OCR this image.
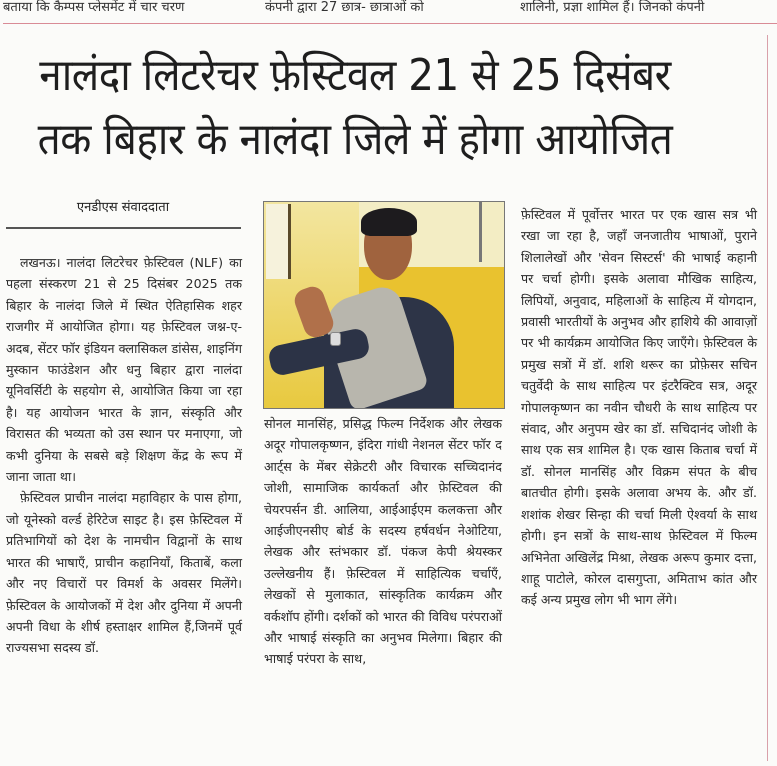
बताया कि कैम्पस प्लेसमेंट में चार चरण	कंपनी द्वारा 27 छात्र- छात्राओं को	शालिनी, प्रज्ञा शामिल हैं। जिनको कंपनी
नालंदा लिटरेचर फ़ेस्टिवल 21 से 25 दिसंबर
तक बिहार के नालंदा जिले में होगा आयोजित
एनडीएस संवाददाता

लखनऊ। नालंदा लिटरेचर फ़ेस्टिवल (NLF) का पहला संस्करण 21 से 25 दिसंबर 2025 तक बिहार के नालंदा जिले में स्थित ऐतिहासिक शहर राजगीर में आयोजित होगा। यह फ़ेस्टिवल जश्न-ए-अदब, सेंटर फॉर इंडियन क्लासिकल डांसेस, शाइनिंग मुस्कान फाउंडेशन और धनु बिहार द्वारा नालंदा यूनिवर्सिटी के सहयोग से, आयोजित किया जा रहा है। यह आयोजन भारत के ज्ञान, संस्कृति और विरासत की भव्यता को उस स्थान पर मनाएगा, जो कभी दुनिया के सबसे बड़े शिक्षण केंद्र के रूप में जाना जाता था।

फ़ेस्टिवल प्राचीन नालंदा महाविहार के पास होगा, जो यूनेस्को वर्ल्ड हेरिटेज साइट है। इस फ़ेस्टिवल में प्रतिभागियों को देश के नामचीन विद्वानों के साथ भारत की भाषाएँ, प्राचीन कहानियाँ, किताबें, कला और नए विचारों पर विमर्श के अवसर मिलेंगे। फ़ेस्टिवल के आयोजकों में देश और दुनिया में अपनी अपनी विधा के शीर्ष हस्ताक्षर शामिल हैं,जिनमें पूर्व राज्यसभा सदस्य डॉ.

सोनल मानसिंह, प्रसिद्ध फिल्म निर्देशक और लेखक अदूर गोपालकृष्णन, इंदिरा गांधी नेशनल सेंटर फॉर द आर्ट्स के मेंबर सेक्रेटरी और विचारक सच्चिदानंद जोशी, सामाजिक कार्यकर्ता और फ़ेस्टिवल की चेयरपर्सन डी. आलिया, आईआईएम कलकत्ता और आईजीएनसीए बोर्ड के सदस्य हर्षवर्धन नेओटिया, लेखक और स्तंभकार डॉ. पंकज केपी श्रेयस्कर उल्लेखनीय हैं। फ़ेस्टिवल में साहित्यिक चर्चाएँ, लेखकों से मुलाकात, सांस्कृतिक कार्यक्रम और वर्कशॉप होंगी। दर्शकों को भारत की विविध परंपराओं और भाषाई संस्कृति का अनुभव मिलेगा। बिहार की भाषाई परंपरा के साथ,

फ़ेस्टिवल में पूर्वोत्तर भारत पर एक खास सत्र भी रखा जा रहा है, जहाँ जनजातीय भाषाओं, पुराने शिलालेखों और 'सेवन सिस्टर्स' की भाषाई कहानी पर चर्चा होगी। इसके अलावा मौखिक साहित्य, लिपियों, अनुवाद, महिलाओं के साहित्य में योगदान, प्रवासी भारतीयों के अनुभव और हाशिये की आवाज़ों पर भी कार्यक्रम आयोजित किए जाएँगे। फ़ेस्टिवल के प्रमुख सत्रों में डॉ. शशि थरूर का प्रोफ़ेसर सचिन चतुर्वेदी के साथ साहित्य पर इंटरैक्टिव सत्र, अदूर गोपालकृष्णन का नवीन चौधरी के साथ साहित्य पर संवाद, और अनुपम खेर का डॉ. सचिदानंद जोशी के साथ एक सत्र शामिल है। एक खास किताब चर्चा में डॉ. सोनल मानसिंह और विक्रम संपत के बीच बातचीत होगी। इसके अलावा अभय के. और डॉ. शशांक शेखर सिन्हा की चर्चा मिली ऐश्वर्या के साथ होगी। इन सत्रों के साथ-साथ फ़ेस्टिवल में फिल्म अभिनेता अखिलेंद्र मिश्रा, लेखक अरूप कुमार दत्ता, शाहू पाटोले, कोरल दासगुप्ता, अमिताभ कांत और कई अन्य प्रमुख लोग भी भाग लेंगे।
